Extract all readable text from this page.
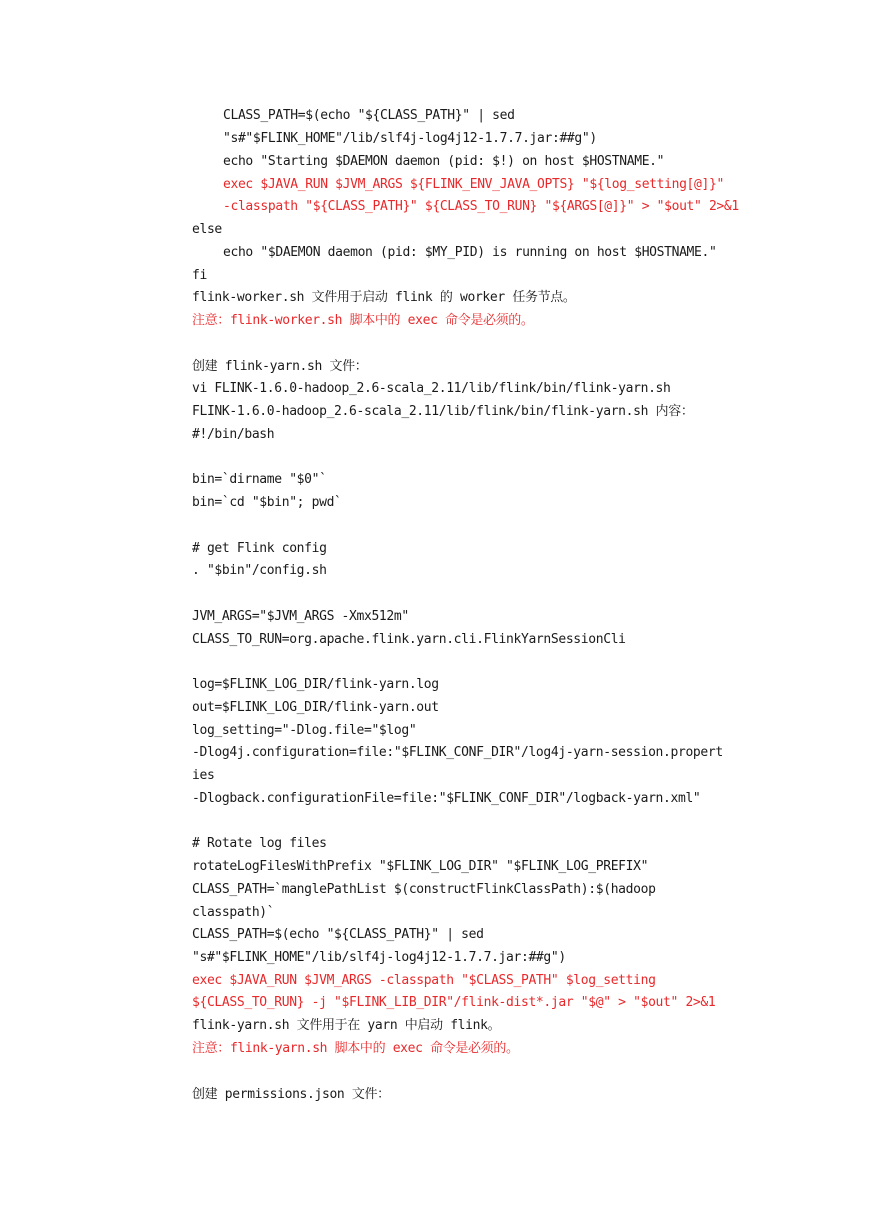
CLASS_PATH=$(echo "${CLASS_PATH}" | sed
"s#"$FLINK_HOME"/lib/slf4j-log4j12-1.7.7.jar:##g")
echo "Starting $DAEMON daemon (pid: $!) on host $HOSTNAME."
exec $JAVA_RUN $JVM_ARGS ${FLINK_ENV_JAVA_OPTS} "${log_setting[@]}"
-classpath "${CLASS_PATH}" ${CLASS_TO_RUN} "${ARGS[@]}" > "$out" 2>&1
else
echo "$DAEMON daemon (pid: $MY_PID) is running on host $HOSTNAME."
fi
flink-worker.sh 文件用于启动 flink 的 worker 任务节点。
注意：flink-worker.sh 脚本中的 exec 命令是必须的。
创建 flink-yarn.sh 文件：
vi FLINK-1.6.0-hadoop_2.6-scala_2.11/lib/flink/bin/flink-yarn.sh
FLINK-1.6.0-hadoop_2.6-scala_2.11/lib/flink/bin/flink-yarn.sh 内容：
#!/bin/bash
bin=`dirname "$0"`
bin=`cd "$bin"; pwd`
# get Flink config
. "$bin"/config.sh
JVM_ARGS="$JVM_ARGS -Xmx512m"
CLASS_TO_RUN=org.apache.flink.yarn.cli.FlinkYarnSessionCli
log=$FLINK_LOG_DIR/flink-yarn.log
out=$FLINK_LOG_DIR/flink-yarn.out
log_setting="-Dlog.file="$log"
-Dlog4j.configuration=file:"$FLINK_CONF_DIR"/log4j-yarn-session.propert
ies
-Dlogback.configurationFile=file:"$FLINK_CONF_DIR"/logback-yarn.xml"
# Rotate log files
rotateLogFilesWithPrefix "$FLINK_LOG_DIR" "$FLINK_LOG_PREFIX"
CLASS_PATH=`manglePathList $(constructFlinkClassPath):$(hadoop
classpath)`
CLASS_PATH=$(echo "${CLASS_PATH}" | sed
"s#"$FLINK_HOME"/lib/slf4j-log4j12-1.7.7.jar:##g")
exec $JAVA_RUN $JVM_ARGS -classpath "$CLASS_PATH" $log_setting
${CLASS_TO_RUN} -j "$FLINK_LIB_DIR"/flink-dist*.jar "$@" > "$out" 2>&1
flink-yarn.sh 文件用于在 yarn 中启动 flink。
注意：flink-yarn.sh 脚本中的 exec 命令是必须的。
创建 permissions.json 文件：
